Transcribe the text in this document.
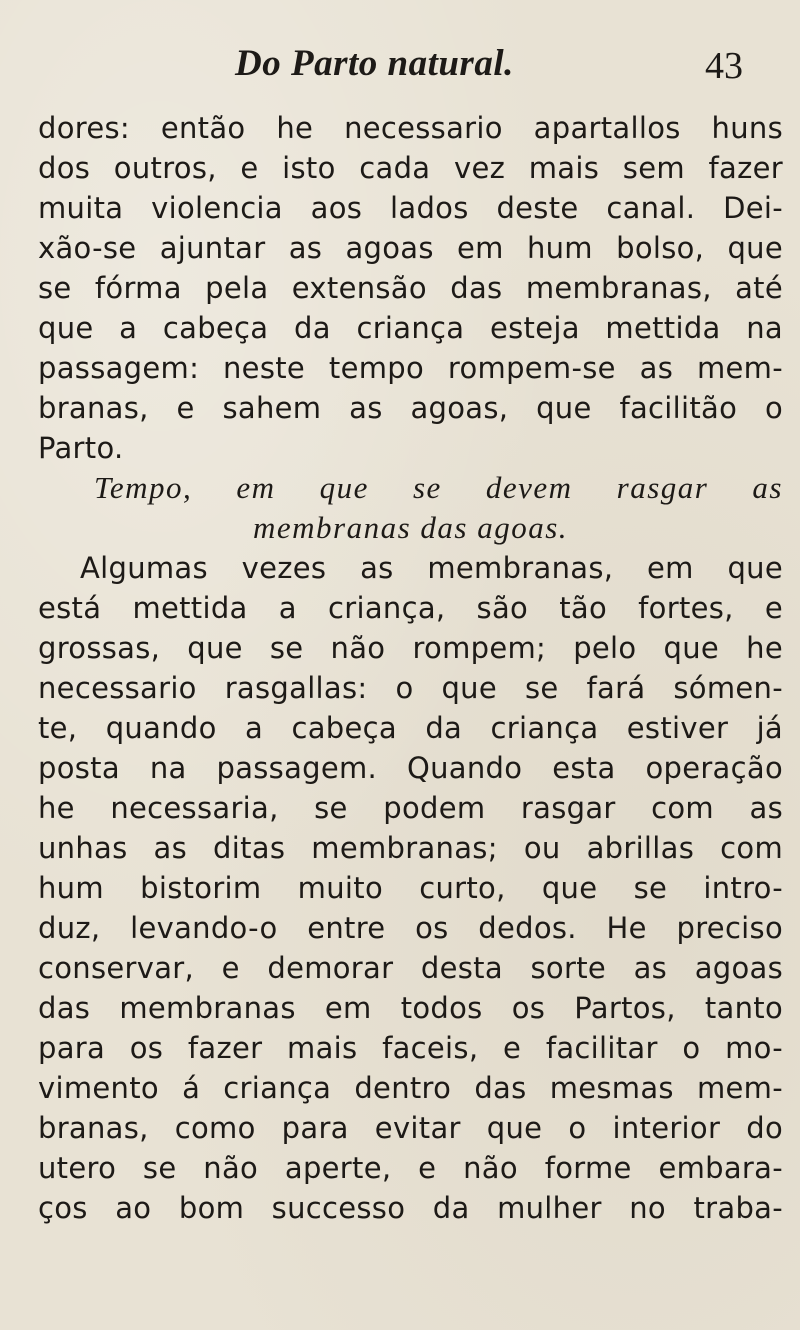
Do Parto natural.	43
dores: então he necessario apartallos huns
dos outros, e isto cada vez mais sem fazer
muita violencia aos lados deste canal. Dei-
xão-se ajuntar as agoas em hum bolso, que
se fórma pela extensão das membranas, até
que a cabeça da criança esteja mettida na
passagem: neste tempo rompem-se as mem-
branas, e sahem as agoas, que facilitão o
Parto.
Tempo, em que se devem rasgar as
membranas das agoas.
Algumas vezes as membranas, em que
está mettida a criança, são tão fortes, e
grossas, que se não rompem; pelo que he
necessario rasgallas: o que se fará sómen-
te, quando a cabeça da criança estiver já
posta na passagem. Quando esta operação
he necessaria, se podem rasgar com as
unhas as ditas membranas; ou abrillas com
hum bistorim muito curto, que se intro-
duz, levando-o entre os dedos. He preciso
conservar, e demorar desta sorte as agoas
das membranas em todos os Partos, tanto
para os fazer mais faceis, e facilitar o mo-
vimento á criança dentro das mesmas mem-
branas, como para evitar que o interior do
utero se não aperte, e não forme embara-
ços ao bom successo da mulher no traba-
